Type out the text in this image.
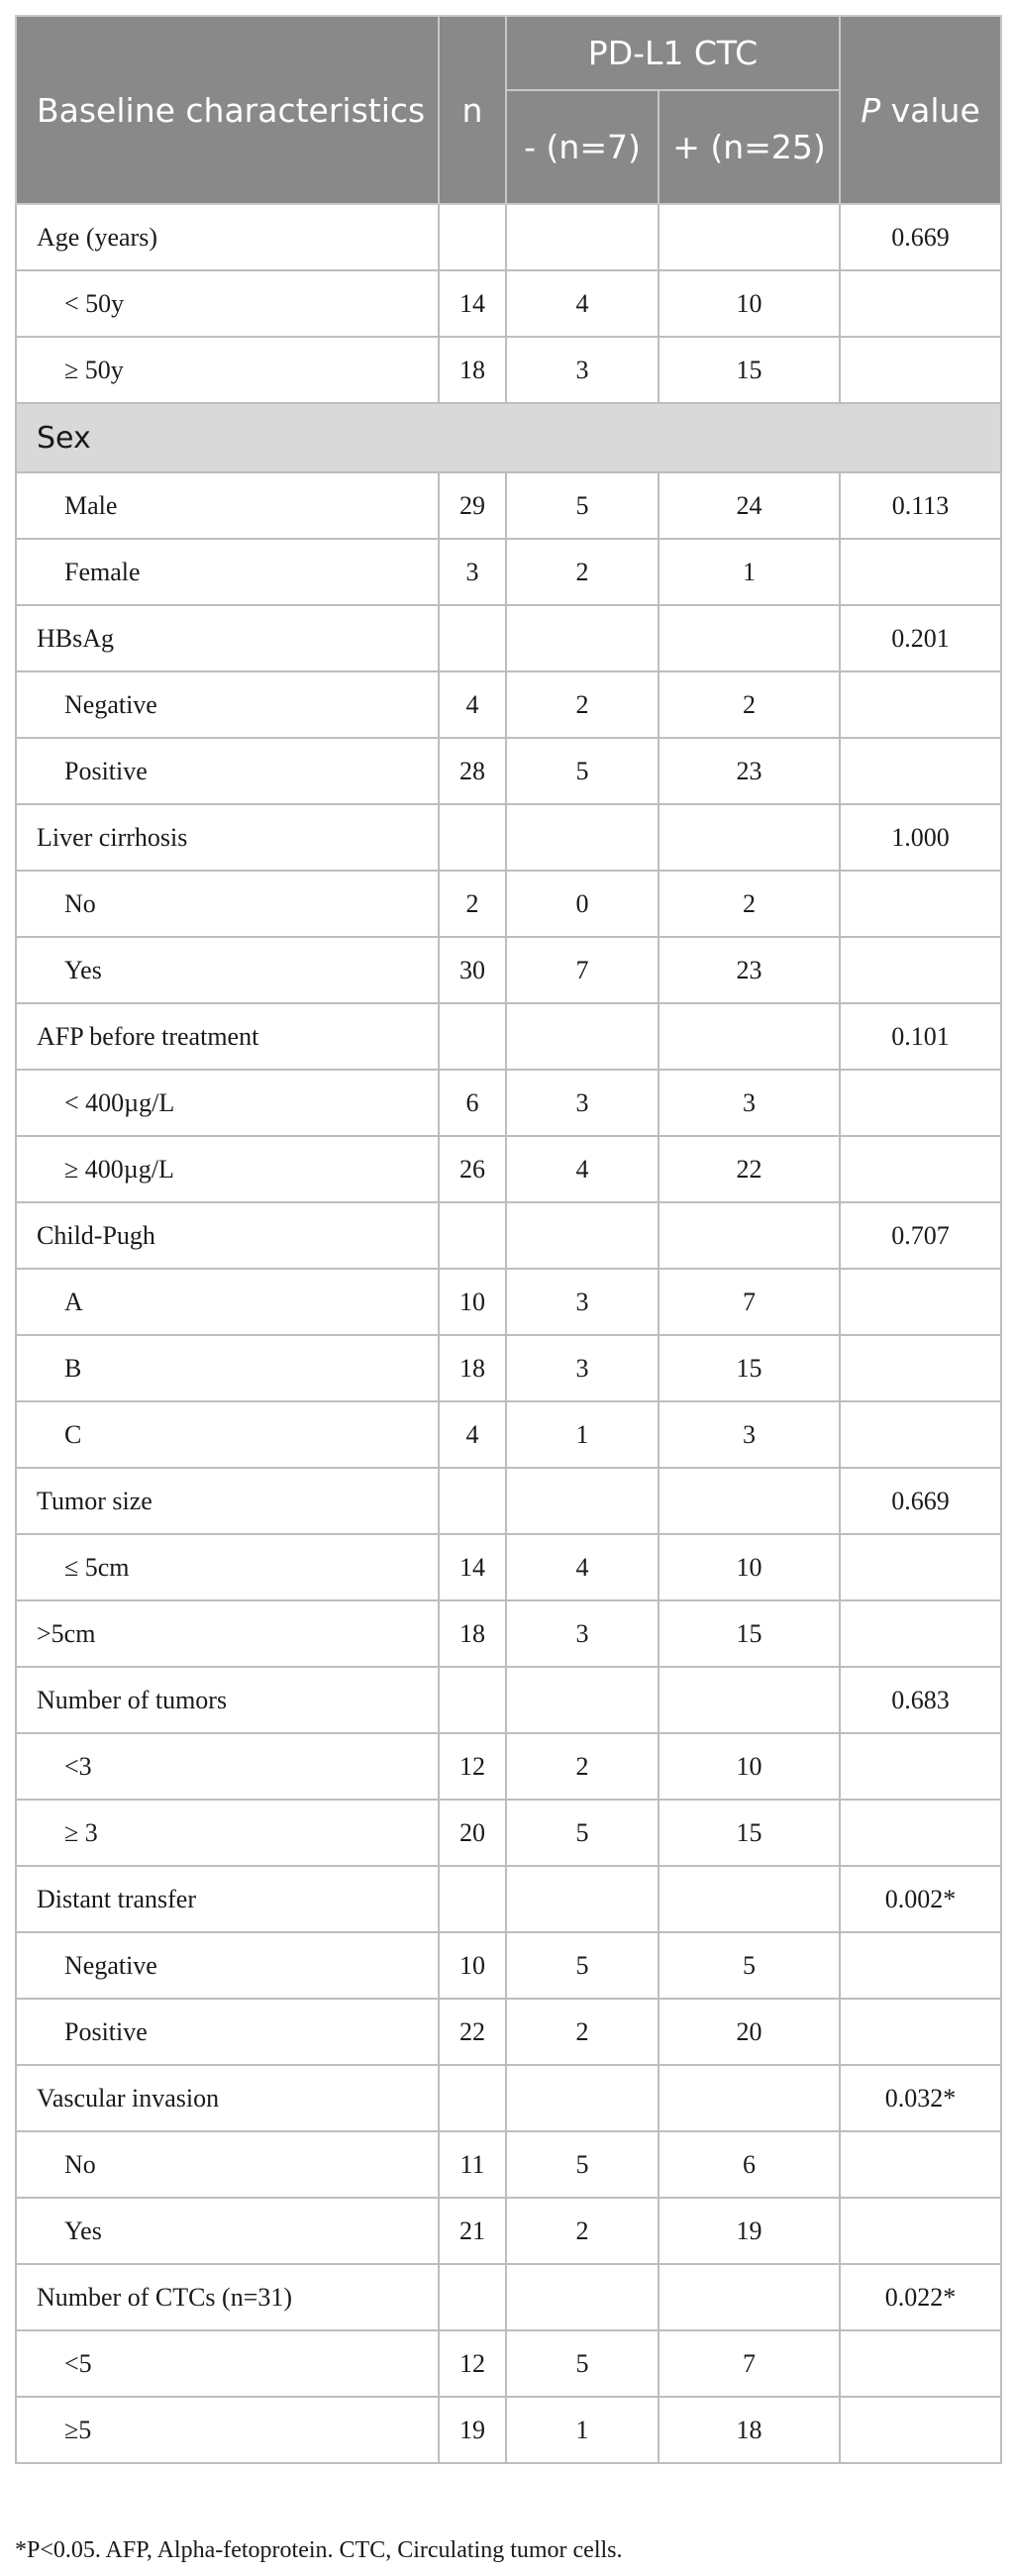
Baseline characteristics	n	PD-L1 CTC		P value
		- (n=7)	+ (n=25)	
Age (years)				0.669
< 50y	14	4	10	
≥ 50y	18	3	15	
Sex				
Male	29	5	24	0.113
Female	3	2	1	
HBsAg				0.201
Negative	4	2	2	
Positive	28	5	23	
Liver cirrhosis				1.000
No	2	0	2	
Yes	30	7	23	
AFP before treatment				0.101
< 400µg/L	6	3	3	
≥ 400µg/L	26	4	22	
Child-Pugh				0.707
A	10	3	7	
B	18	3	15	
C	4	1	3	
Tumor size				0.669
≤ 5cm	14	4	10	
>5cm	18	3	15	
Number of tumors				0.683
<3	12	2	10	
≥ 3	20	5	15	
Distant transfer				0.002*
Negative	10	5	5	
Positive	22	2	20	
Vascular invasion				0.032*
No	11	5	6	
Yes	21	2	19	
Number of CTCs (n=31)				0.022*
<5	12	5	7	
≥5	19	1	18	
*P<0.05. AFP, Alpha-fetoprotein. CTC, Circulating tumor cells.
